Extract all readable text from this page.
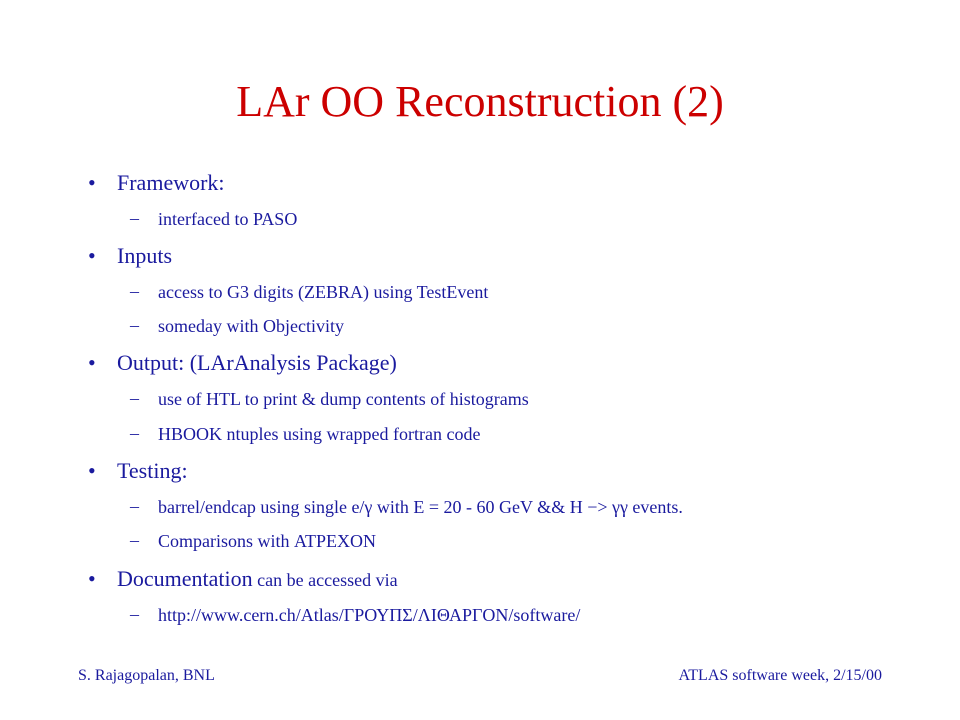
LAr OO Reconstruction (2)
• Framework:
– interfaced to PASO
• Inputs
– access to G3 digits (ZEBRA) using TestEvent
– someday with Objectivity
• Output: (LArAnalysis Package)
– use of HTL to print & dump contents of histograms
– HBOOK ntuples using wrapped fortran code
• Testing:
– barrel/endcap using single e/γ with E = 20 - 60 GeV && H −> γγ events.
– Comparisons with ΑΤΡΕΧΟΝ
• Documentation can be accessed via
– http://www.cern.ch/Atlas/ΓΡΟΥΠΣ/ΛΙΘΑΡΓΟΝ/software/
S. Rajagopalan, BNL	ATLAS software week, 2/15/00
